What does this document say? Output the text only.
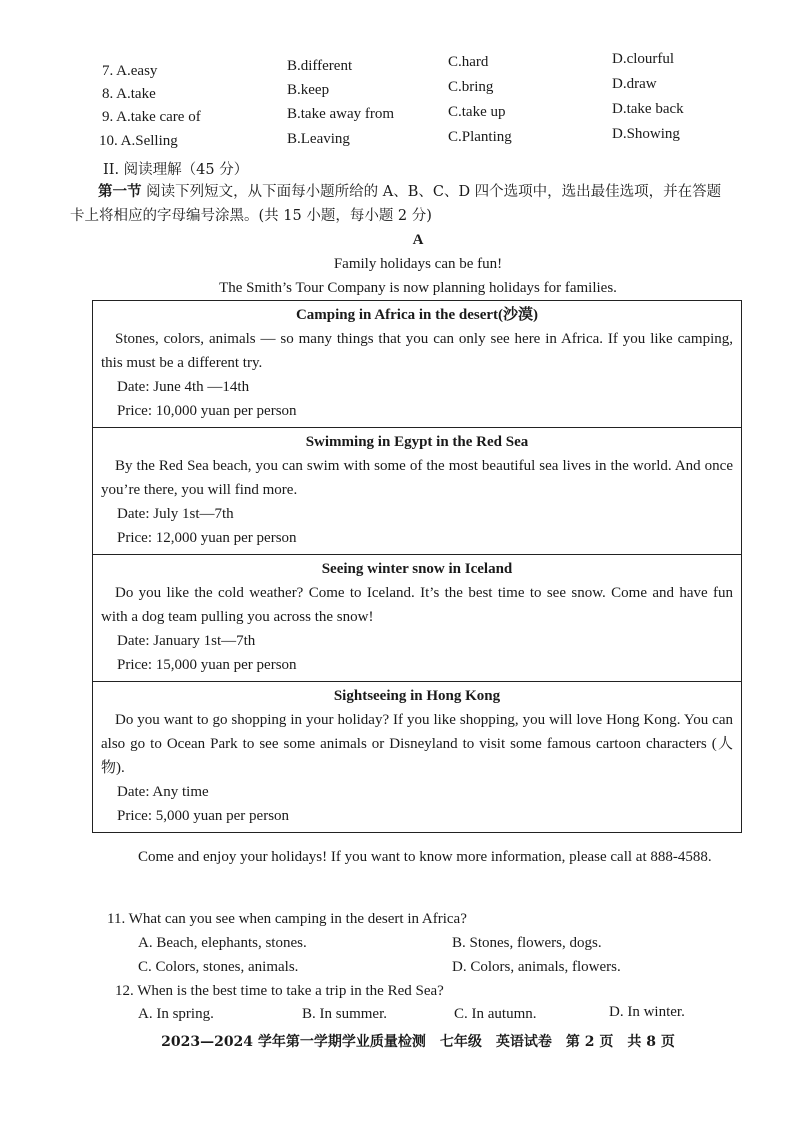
7. A.easy	B.different	C.hard	D.clourful
8. A.take	B.keep	C.bring	D.draw
9. A.take care of	B.take away from	C.take up	D.take back
10. A.Selling	B.Leaving	C.Planting	D.Showing
II. 阅读理解（45 分）
第一节 阅读下列短文，从下面每小题所给的 A、B、C、D 四个选项中，选出最佳选项，并在答题卡上将相应的字母编号涂黑。(共 15 小题，每小题 2 分)
A
Family holidays can be fun!
The Smith’s Tour Company is now planning holidays for families.
Camping in Africa in the desert(沙漠)
Stones, colors, animals — so many things that you can only see here in Africa. If you like camping, this must be a different try.
Date: June 4th —14th
Price: 10,000 yuan per person
Swimming in Egypt in the Red Sea
By the Red Sea beach, you can swim with some of the most beautiful sea lives in the world. And once you’re there, you will find more.
Date: July 1st—7th
Price: 12,000 yuan per person
Seeing winter snow in Iceland
Do you like the cold weather? Come to Iceland. It’s the best time to see snow. Come and have fun with a dog team pulling you across the snow!
Date: January 1st—7th
Price: 15,000 yuan per person
Sightseeing in Hong Kong
Do you want to go shopping in your holiday? If you like shopping, you will love Hong Kong. You can also go to Ocean Park to see some animals or Disneyland to visit some famous cartoon characters (人物).
Date: Any time
Price: 5,000 yuan per person
Come and enjoy your holidays! If you want to know more information, please call at 888-4588.
11. What can you see when camping in the desert in Africa?
A. Beach, elephants, stones.	B. Stones, flowers, dogs.
C. Colors, stones, animals.	D. Colors, animals, flowers.
12. When is the best time to take a trip in the Red Sea?
A. In spring.	B. In summer.	C. In autumn.	D. In winter.
2023—2024 学年第一学期学业质量检测　七年级　英语试卷　第 2 页　共 8 页
